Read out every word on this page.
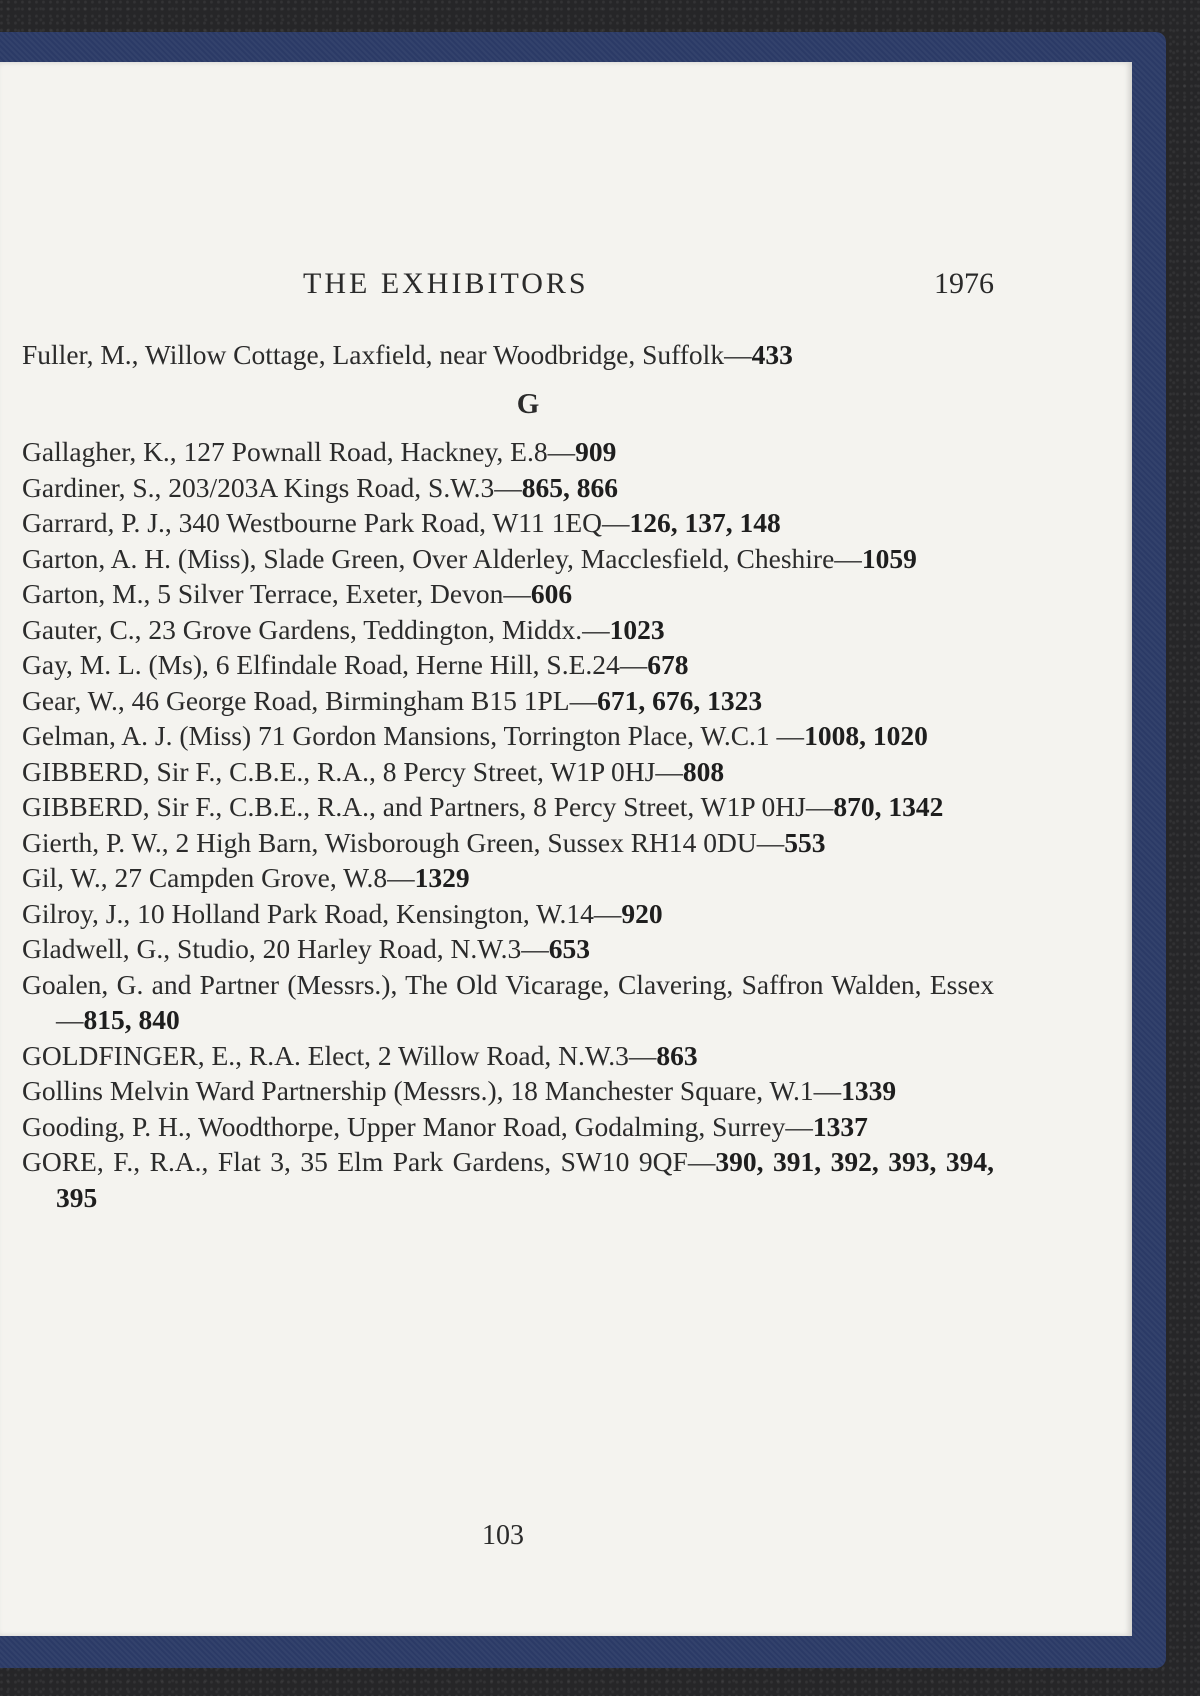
THE EXHIBITORS	1976
Fuller, M., Willow Cottage, Laxfield, near Woodbridge, Suffolk—433
G
Gallagher, K., 127 Pownall Road, Hackney, E.8—909
Gardiner, S., 203/203A Kings Road, S.W.3—865, 866
Garrard, P. J., 340 Westbourne Park Road, W11 1EQ—126, 137, 148
Garton, A. H. (Miss), Slade Green, Over Alderley, Macclesfield, Cheshire—1059
Garton, M., 5 Silver Terrace, Exeter, Devon—606
Gauter, C., 23 Grove Gardens, Teddington, Middx.—1023
Gay, M. L. (Ms), 6 Elfindale Road, Herne Hill, S.E.24—678
Gear, W., 46 George Road, Birmingham B15 1PL—671, 676, 1323
Gelman, A. J. (Miss) 71 Gordon Mansions, Torrington Place, W.C.1 —1008, 1020
GIBBERD, Sir F., C.B.E., R.A., 8 Percy Street, W1P 0HJ—808
GIBBERD, Sir F., C.B.E., R.A., and Partners, 8 Percy Street, W1P 0HJ—870, 1342
Gierth, P. W., 2 High Barn, Wisborough Green, Sussex RH14 0DU—553
Gil, W., 27 Campden Grove, W.8—1329
Gilroy, J., 10 Holland Park Road, Kensington, W.14—920
Gladwell, G., Studio, 20 Harley Road, N.W.3—653
Goalen, G. and Partner (Messrs.), The Old Vicarage, Clavering, Saffron Walden, Essex—815, 840
GOLDFINGER, E., R.A. Elect, 2 Willow Road, N.W.3—863
Gollins Melvin Ward Partnership (Messrs.), 18 Manchester Square, W.1—1339
Gooding, P. H., Woodthorpe, Upper Manor Road, Godalming, Surrey—1337
GORE, F., R.A., Flat 3, 35 Elm Park Gardens, SW10 9QF—390, 391, 392, 393, 394, 395
103
